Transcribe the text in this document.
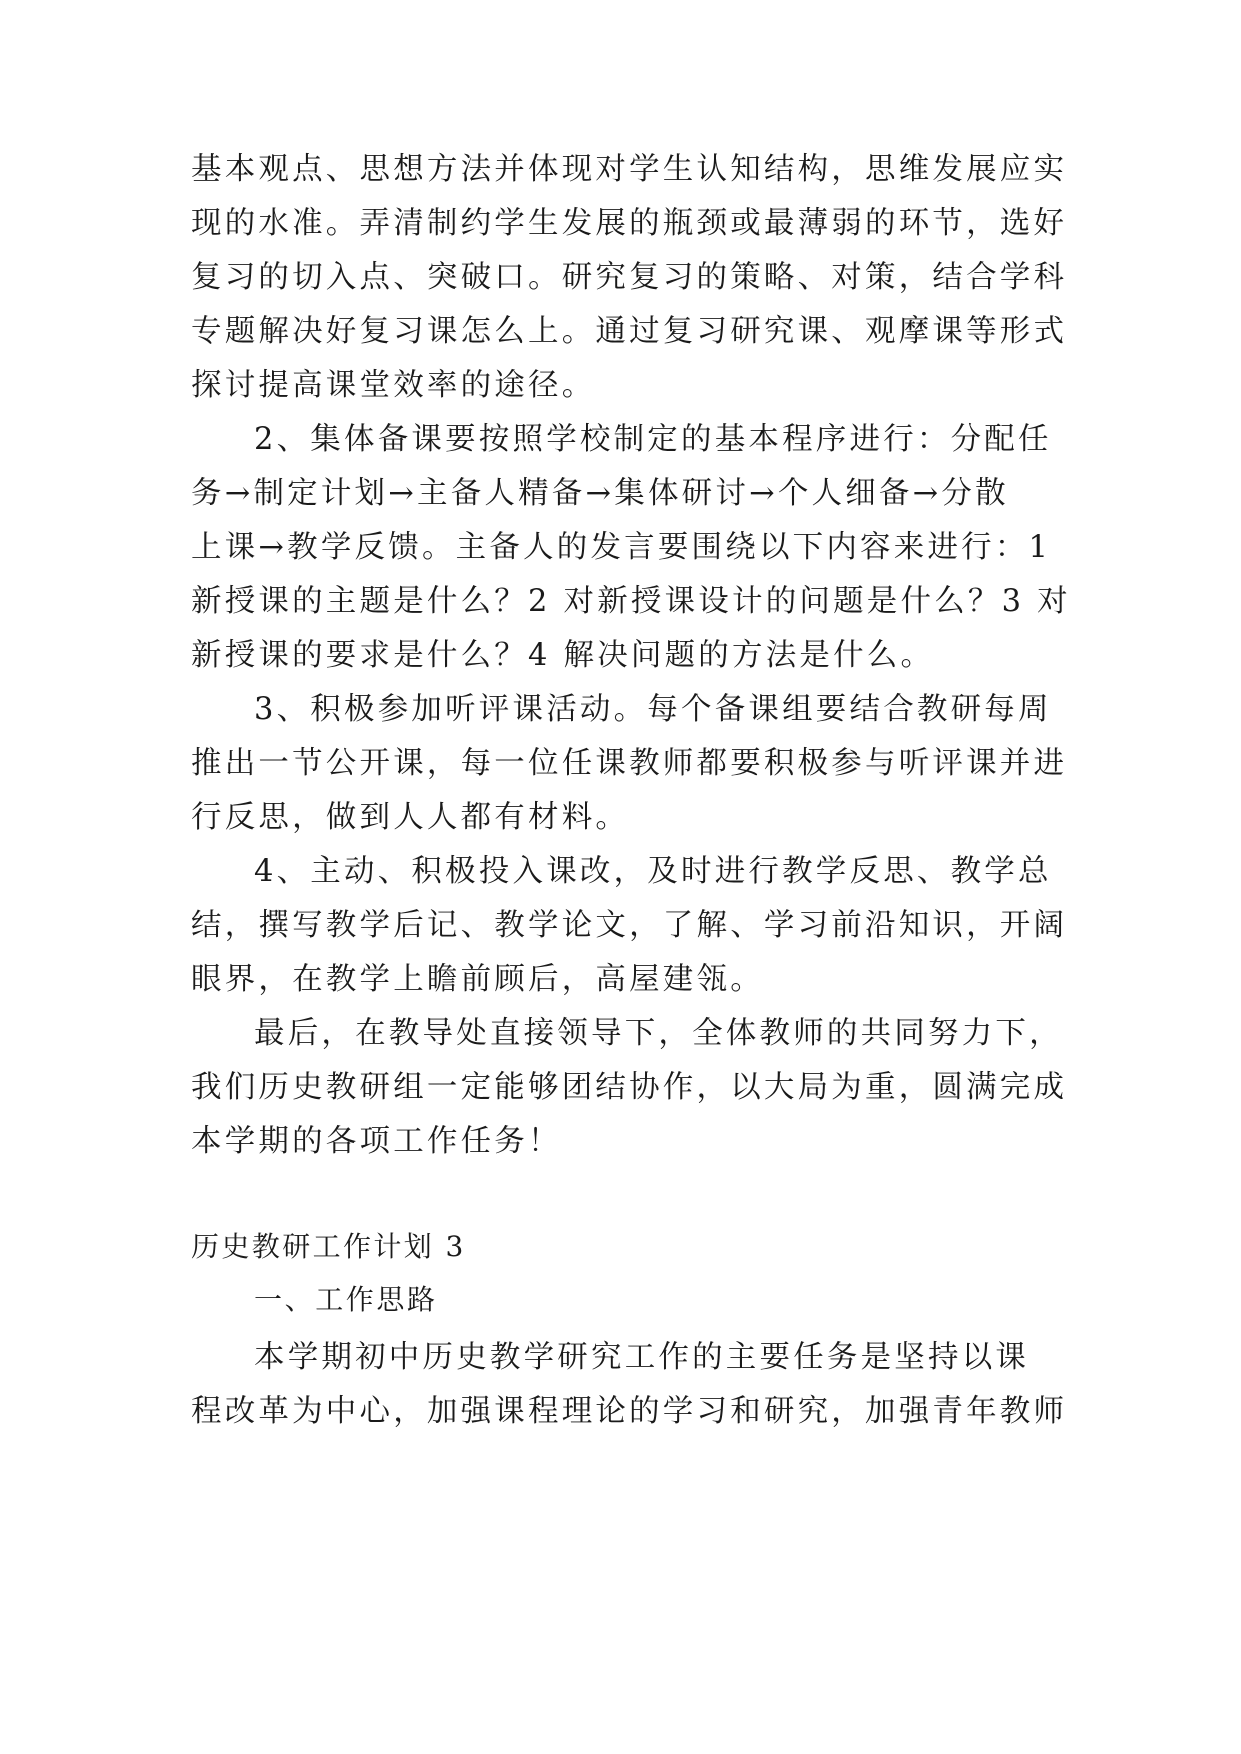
基本观点、思想方法并体现对学生认知结构，思维发展应实
现的水准。弄清制约学生发展的瓶颈或最薄弱的环节，选好
复习的切入点、突破口。研究复习的策略、对策，结合学科
专题解决好复习课怎么上。通过复习研究课、观摩课等形式
探讨提高课堂效率的途径。
2、集体备课要按照学校制定的基本程序进行：分配任
务→制定计划→主备人精备→集体研讨→个人细备→分散
上课→教学反馈。主备人的发言要围绕以下内容来进行：1
新授课的主题是什么？2 对新授课设计的问题是什么？3 对
新授课的要求是什么？4 解决问题的方法是什么。
3、积极参加听评课活动。每个备课组要结合教研每周
推出一节公开课，每一位任课教师都要积极参与听评课并进
行反思，做到人人都有材料。
4、主动、积极投入课改，及时进行教学反思、教学总
结，撰写教学后记、教学论文，了解、学习前沿知识，开阔
眼界，在教学上瞻前顾后，高屋建瓴。
最后，在教导处直接领导下，全体教师的共同努力下，
我们历史教研组一定能够团结协作，以大局为重，圆满完成
本学期的各项工作任务！
历史教研工作计划 3
一、工作思路
本学期初中历史教学研究工作的主要任务是坚持以课
程改革为中心，加强课程理论的学习和研究，加强青年教师
